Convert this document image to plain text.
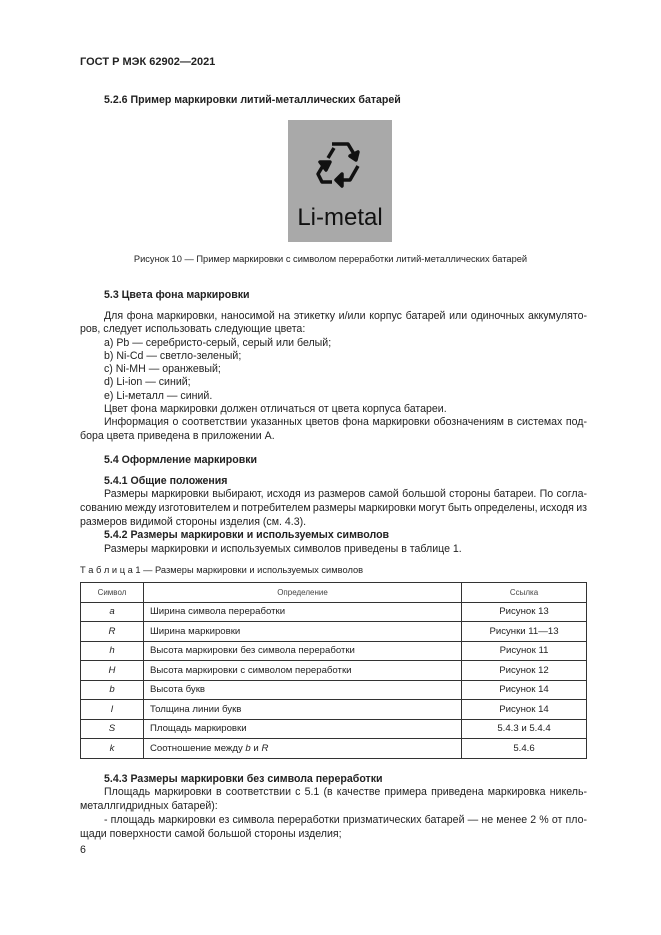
ГОСТ Р МЭК 62902—2021
5.2.6 Пример маркировки литий-металлических батарей
Li-metal
Рисунок 10 — Пример маркировки с символом переработки литий-металлических батарей
5.3 Цвета фона маркировки
Для фона маркировки, наносимой на этикетку и/или корпус батарей или одиночных аккумулято-
ров, следует использовать следующие цвета:
a) Pb — серебристо-серый, серый или белый;
b) Ni-Cd — светло-зеленый;
c) Ni-MH — оранжевый;
d) Li-ion — синий;
e) Li-металл — синий.
Цвет фона маркировки должен отличаться от цвета корпуса батареи.
Информация о соответствии указанных цветов фона маркировки обозначениям в системах под-
бора цвета приведена в приложении А.
5.4 Оформление маркировки
5.4.1 Общие положения
Размеры маркировки выбирают, исходя из размеров самой большой стороны батареи. По согла-
сованию между изготовителем и потребителем размеры маркировки могут быть определены, исходя из
размеров видимой стороны изделия (см. 4.3).
5.4.2 Размеры маркировки и используемых символов
Размеры маркировки и используемых символов приведены в таблице 1.
Т а б л и ц а 1 — Размеры маркировки и используемых символов
Символ	Определение	Ссылка
a	Ширина символа переработки	Рисунок 13
R	Ширина маркировки	Рисунки 11—13
h	Высота маркировки без символа переработки	Рисунок 11
H	Высота маркировки с символом переработки	Рисунок 12
b	Высота букв	Рисунок 14
l	Толщина линии букв	Рисунок 14
S	Площадь маркировки	5.4.3 и 5.4.4
k	Соотношение между b и R	5.4.6
5.4.3 Размеры маркировки без символа переработки
Площадь маркировки в соответствии с 5.1 (в качестве примера приведена маркировка никель-
металлгидридных батарей):
- площадь маркировки ез символа переработки призматических батарей — не менее 2 % от пло-
щади поверхности самой большой стороны изделия;
6
